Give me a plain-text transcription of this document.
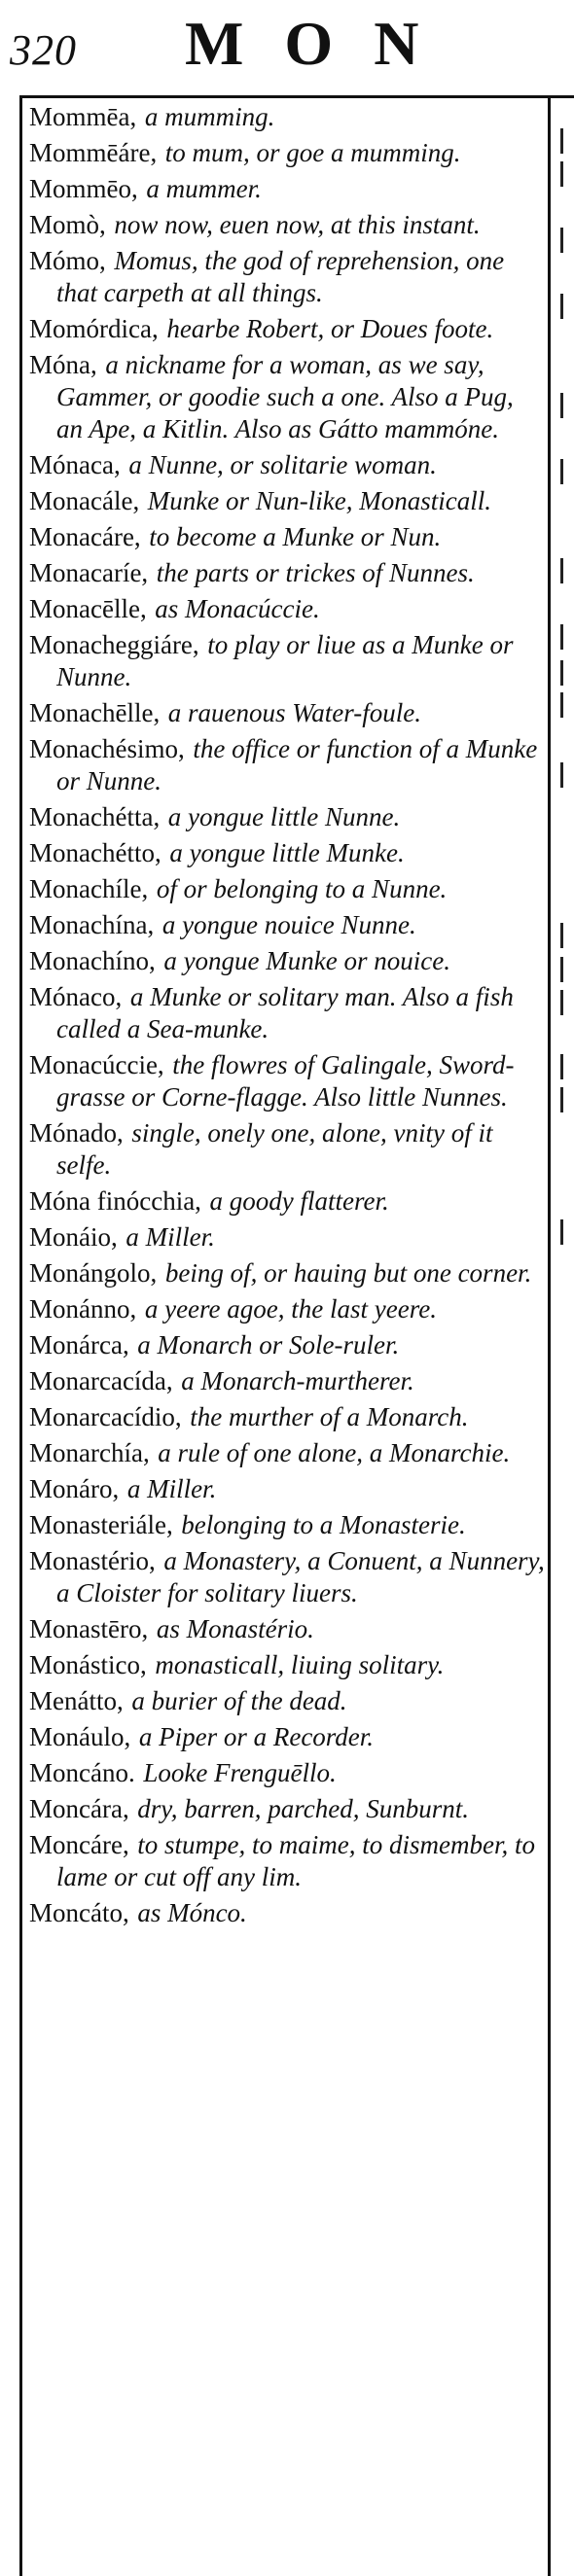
320 MON

Mommēa, a mumming.

Mommēáre, to mum, or goe a mumming.

Mommēo, a mummer.

Momò, now now, euen now, at this instant.

Mómo, Momus, the god of reprehension, one that carpeth at all things.

Momórdica, hearbe Robert, or Doues foote.

Móna, a nickname for a woman, as we say, Gammer, or goodie such a one. Also a Pug, an Ape, a Kitlin. Also as Gátto mammóne.

Mónaca, a Nunne, or solitarie woman.

Monacále, Munke or Nun-like, Monasticall.

Monacáre, to become a Munke or Nun.

Monacaríe, the parts or trickes of Nunnes.

Monacēlle, as Monacúccie.

Monacheggiáre, to play or liue as a Munke or Nunne.

Monachēlle, a rauenous Water-foule.

Monachésimo, the office or function of a Munke or Nunne.

Monachétta, a yongue little Nunne.

Monachétto, a yongue little Munke.

Monachíle, of or belonging to a Nunne.

Monachína, a yongue nouice Nunne.

Monachíno, a yongue Munke or nouice.

Mónaco, a Munke or solitary man. Also a fish called a Sea-munke.

Monacúccie, the flowres of Galingale, Sword-grasse or Corne-flagge. Also little Nunnes.

Mónado, single, onely one, alone, vnity of it selfe.

Móna finócchia, a goody flatterer.

Monáio, a Miller.

Monángolo, being of, or hauing but one corner.

Monánno, a yeere agoe, the last yeere.

Monárca, a Monarch or Sole-ruler.

Monarcacída, a Monarch-murtherer.

Monarcacídio, the murther of a Monarch.

Monarchía, a rule of one alone, a Monarchie.

Monáro, a Miller.

Monasteriále, belonging to a Monasterie.

Monastério, a Monastery, a Conuent, a Nunnery, a Cloister for solitary liuers.

Monastēro, as Monastério.

Monástico, monasticall, liuing solitary.

Menátto, a burier of the dead.

Monáulo, a Piper or a Recorder.

Moncáno. Looke Frenguēllo.

Moncára, dry, barren, parched, Sunburnt.

Moncáre, to stumpe, to maime, to dismember, to lame or cut off any lim.

Moncáto, as Mónco.
